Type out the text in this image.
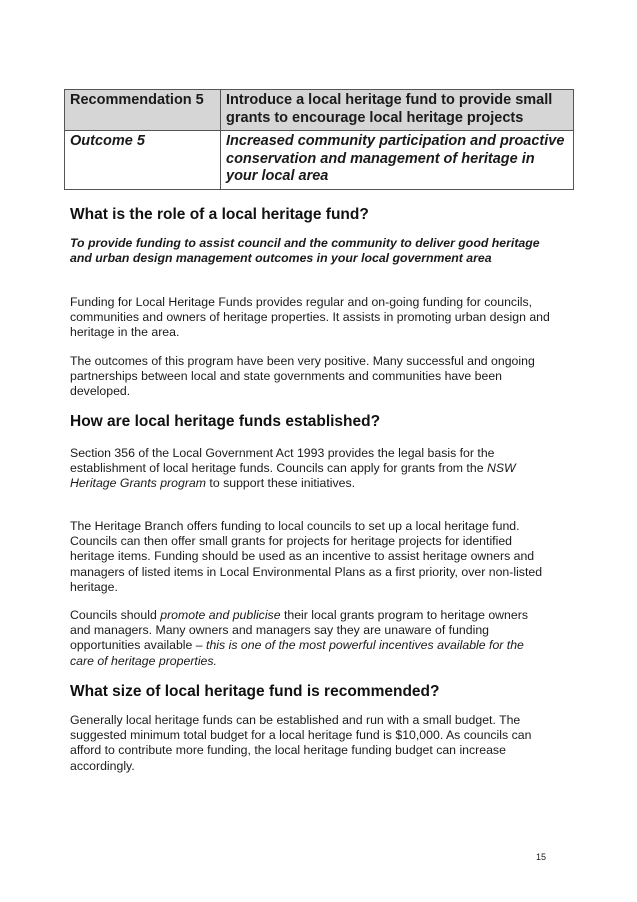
Recommendation 5	Introduce a local heritage fund to provide small grants to encourage local heritage projects
Outcome 5	Increased community participation and proactive conservation and management of heritage in your local area
What is the role of a local heritage fund?

To provide funding to assist council and the community to deliver good heritage and urban design management outcomes in your local government area

Funding for Local Heritage Funds provides regular and on-going funding for councils, communities and owners of heritage properties. It assists in promoting urban design and heritage in the area.

The outcomes of this program have been very positive. Many successful and ongoing partnerships between local and state governments and communities have been developed.

How are local heritage funds established?

Section 356 of the Local Government Act 1993 provides the legal basis for the establishment of local heritage funds. Councils can apply for grants from the NSW Heritage Grants program to support these initiatives.

The Heritage Branch offers funding to local councils to set up a local heritage fund. Councils can then offer small grants for projects for heritage projects for identified heritage items. Funding should be used as an incentive to assist heritage owners and managers of listed items in Local Environmental Plans as a first priority, over non-listed heritage.

Councils should promote and publicise their local grants program to heritage owners and managers. Many owners and managers say they are unaware of funding opportunities available – this is one of the most powerful incentives available for the care of heritage properties.

What size of local heritage fund is recommended?

Generally local heritage funds can be established and run with a small budget. The suggested minimum total budget for a local heritage fund is $10,000. As councils can afford to contribute more funding, the local heritage funding budget can increase accordingly.

15
